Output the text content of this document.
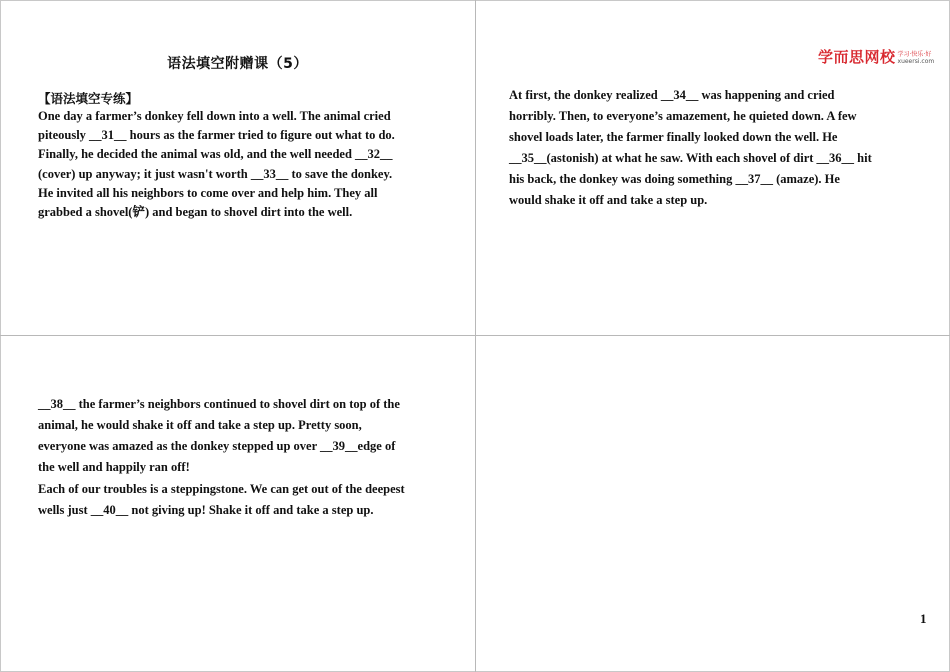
语法填空附赠课（5）
【语法填空专练】

One day a farmer’s donkey fell down into a well. The animal cried
piteously __31__ hours as the farmer tried to figure out what to do.
Finally, he decided the animal was old, and the well needed __32__
(cover) up anyway; it just wasn't worth __33__ to save the donkey.
He invited all his neighbors to come over and help him. They all
grabbed a shovel(铲) and began to shovel dirt into the well.

At first, the donkey realized __34__ was happening and cried
horribly. Then, to everyone’s amazement, he quieted down. A few
shovel loads later, the farmer finally looked down the well. He
__35__(astonish) at what he saw. With each shovel of dirt __36__ hit
his back, the donkey was doing something __37__ (amaze). He
would shake it off and take a step up.

__38__ the farmer’s neighbors continued to shovel dirt on top of the
animal, he would shake it off and take a step up. Pretty soon,
everyone was amazed as the donkey stepped up over __39__edge of
the well and happily ran off!

Each of our troubles is a steppingstone. We can get out of the deepest
wells just __40__ not giving up! Shake it off and take a step up.

学而思网校 学习·快乐·好
xueersi.com
1
